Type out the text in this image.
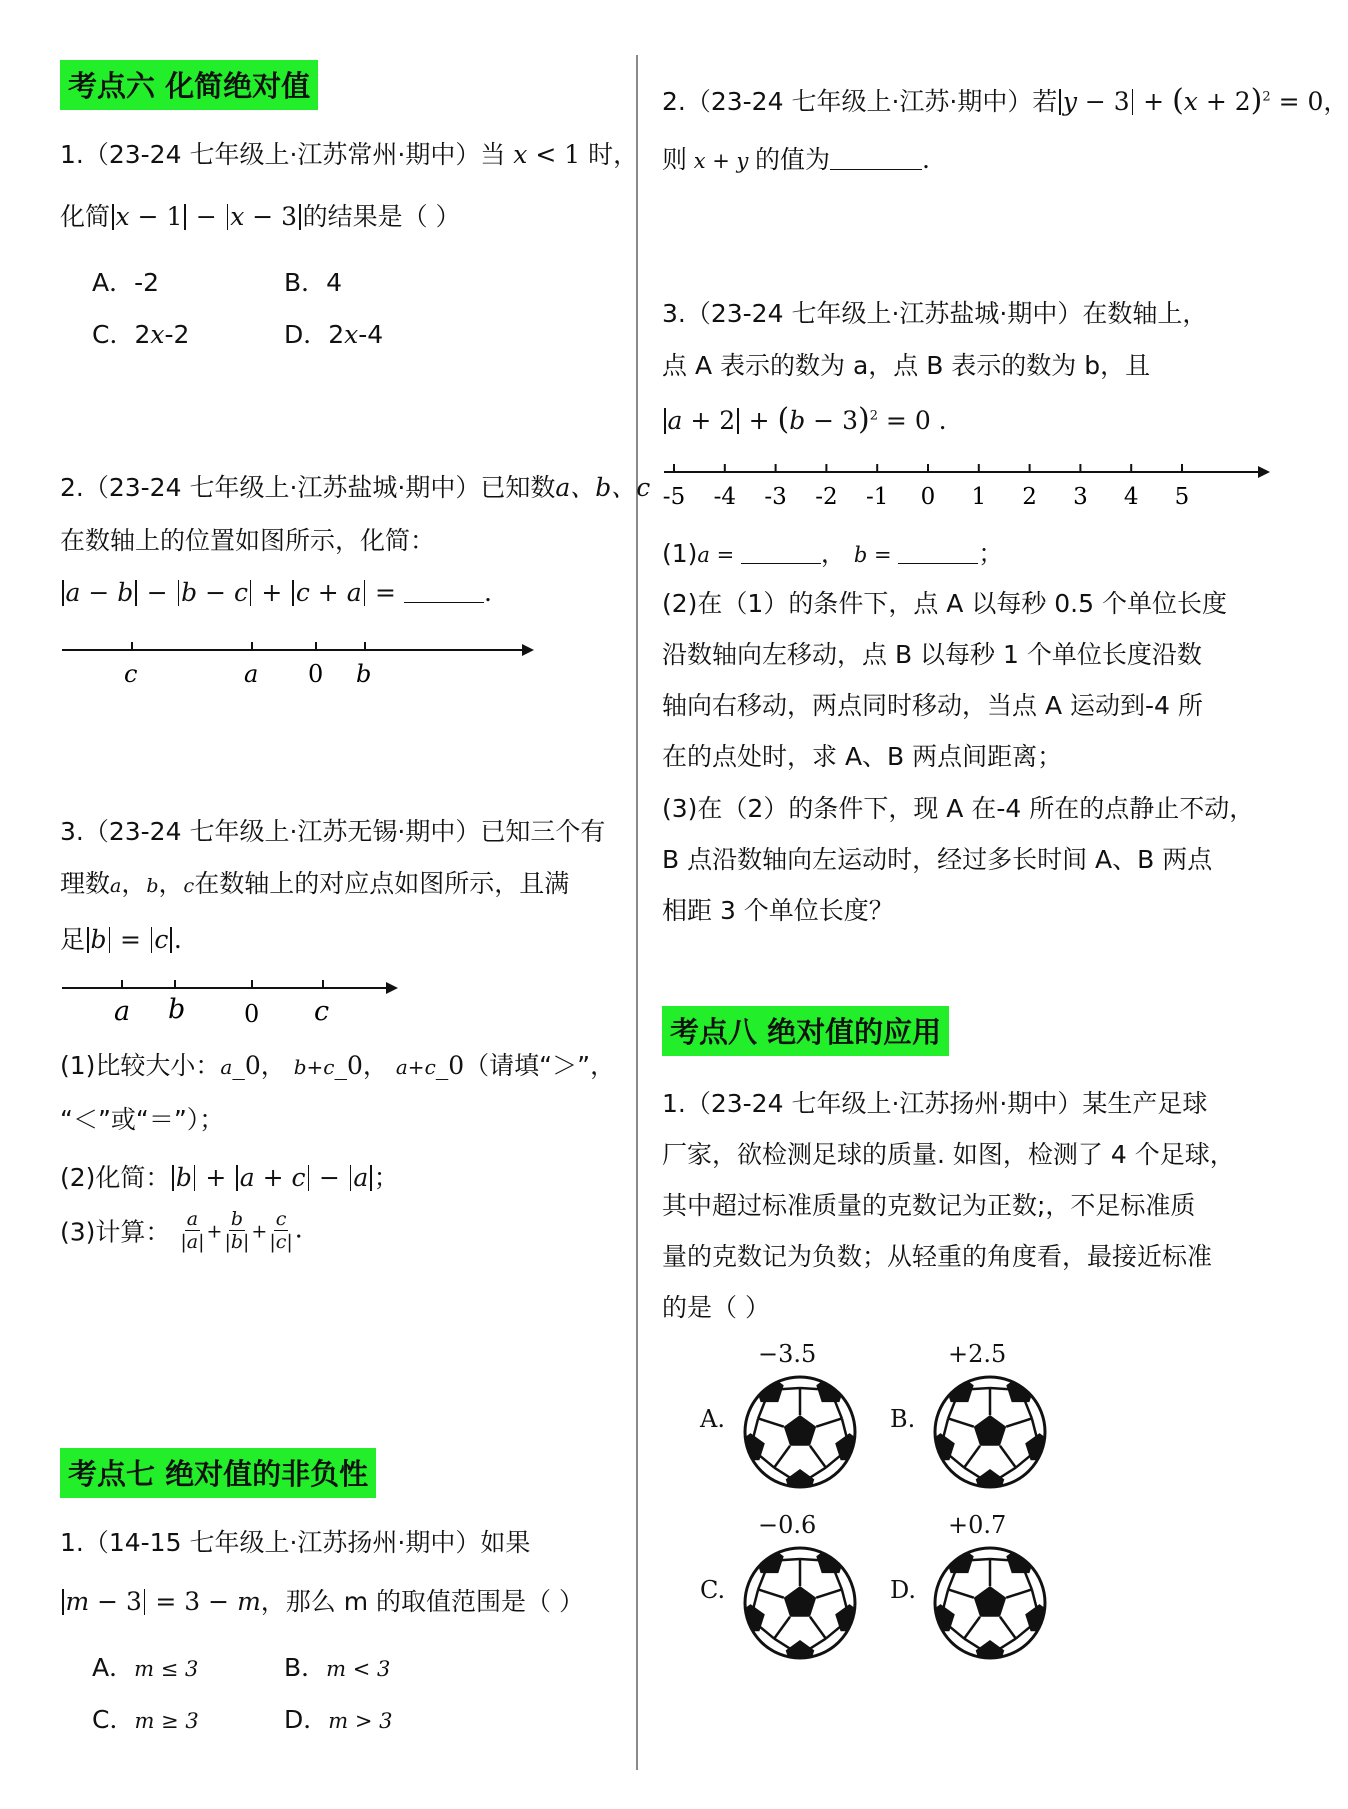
考点六 化简绝对值
1.（23-24 七年级上·江苏常州·期中）当 x < 1 时，
化简 x − 1 − x − 3 的结果是（ ）
A．-2	B．4
C．2x-2	D．2x-4
2.（23-24 七年级上·江苏盐城·期中）已知数a、b、c
在数轴上的位置如图所示，化简：
a − b − b − c + c + a =	.
c	a 0 b
3.（23-24 七年级上·江苏无锡·期中）已知三个有
理数a，b，c在数轴上的对应点如图所示，且满
足 b = c .
a b 0 c
(1)比较大小：a_0， b+c_0， a+c_0（请填“＞”，
“＜”或“＝”）；
(2)化简： b + a + c − a ；
(3)计算： $\frac{a}{|a|} + \frac{b}{|b|} + \frac{c}{|c|}$ .
考点七 绝对值的非负性
1.（14-15 七年级上·江苏扬州·期中）如果
m − 3 = 3 − m，那么 m 的取值范围是（ ）
A．m ≤ 3	B．m < 3
C．m ≥ 3	D．m > 3
2.（23-24 七年级上·江苏·期中）若 $y - 3 + (x + 2)^2 = 0$，
则 x + y 的值为	.
3.（23-24 七年级上·江苏盐城·期中）在数轴上，
点 A 表示的数为 a，点 B 表示的数为 b，且
$a + 2 + (b - 3)^2 = 0$ .
-5 -4 -3 -2 -1 0 1 2 3 4 5
(1)a =	， b =	；
(2)在（1）的条件下，点 A 以每秒 0.5 个单位长度
沿数轴向左移动，点 B 以每秒 1 个单位长度沿数
轴向右移动，两点同时移动，当点 A 运动到-4 所
在的点处时，求 A、B 两点间距离；
(3)在（2）的条件下，现 A 在-4 所在的点静止不动，
B 点沿数轴向左运动时，经过多长时间 A、B 两点
相距 3 个单位长度？
考点八 绝对值的应用
1.（23-24 七年级上·江苏扬州·期中）某生产足球
厂家，欲检测足球的质量. 如图，检测了 4 个足球，
其中超过标准质量的克数记为正数;，不足标准质
量的克数记为负数；从轻重的角度看，最接近标准
的是（ ）
A.
−3.5
B.
+2.5
C.
−0.6
D.
+0.7
